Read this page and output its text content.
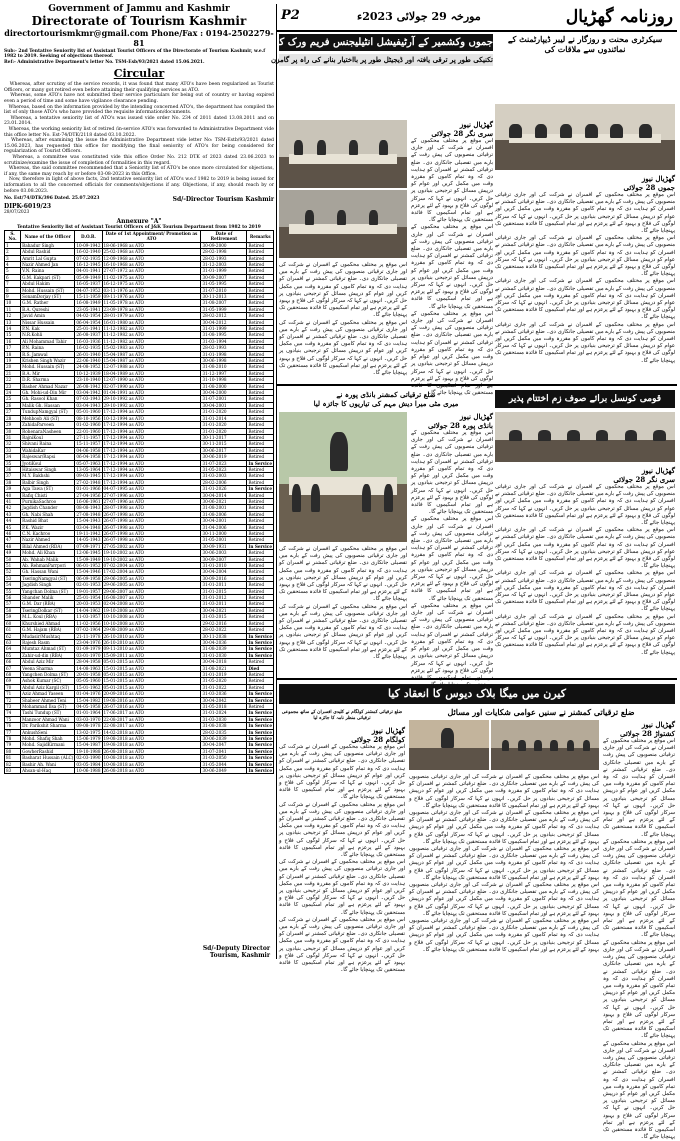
Government of Jammu and Kashmir
Directorate of Tourism Kashmir
directortourismkmr@gmail.com Phone/Fax : 0194-2502279-81
Sub:- 2nd Tentative Seniority list of Assistant Tourist Officers of the Directorate of Tourism Kashmir, w.e.f 1982 to 2019. Seeking of objections thereof.
Ref:- Administrative Department's letter No. TSM-Esb/93/2021 dated 15.06.2021.
Circular
Whereas, after scrutiny of the service records, it was found that many ATO's have been regularized as Tourist Officers, or many got retired even before attaining their qualifying services as ATO.
Whereas, some ATO's have not submitted their service particulars for being out of country or having expired even a period of time and some have vigilance clearance pending.
Whereas, based on the information provided by the intending concerned ATO's, the department has compiled the list of only those ATO's who have provided the requisite information/documents.
Whereas, a tentative seniority list of ATO's was issued vide order No. 234 of 2011 dated 13.08.2011 and on 23.01.2014.
Whereas, the working seniority list of retired /in-service ATO's was forwarded to Administrative Department vide this office letter No. Est-74/DTK/2118 dated 03.10.2022.
Whereas, after examining the issue the Administrative Department vide letter No: TSM-Estb/93/2021 dated 15.06.2023, has requested this office for modifying the final seniority of ATO's for being considered for regularization of Tourist Officers.
Whereas, a committee was constituted vide this office Order No. 212 DTK of 2023 dated 23.06.2023 to scrutinize/examine the issue of completion of formalities in this regard.
Whereas, the said committee recommended that a Seniority list of ATO's be once more circulated for objections, if any, the same may reach by or before 03-08-2023 in this Office.
Now, therefore in light of above facts, 2nd tentative seniority list of ATO's w.e.f 1982 to 2019 is being issued for information to all the concerned officials for comments/objections if any. Objections, if any, should reach by or before 03.08.2023.
No. Est/74/DTK/396 Dated. 25.07.2023	Sd/-Director Tourism Kashmir
DIPK-6019/23
28/07/2023
Annexure "A"
Tentative Seniority list of Assistant Tourist Officers of J&K Tourism Department from 1982 to 2019
S. No.	Name of the Officer	D.O.B.	Date of 1st Appointment/ Promotion as ATO	Date of Retirement	Remarks
1	Bahadur Singh	10-09-1942	18-06-1968 as ATO	30-09-2000	Retired
2	Abdul Rashid	16-02-1940	25-02-1968 as ATO	28-02-1998	Retired
3	Amrit Lal Gupta	07-02-1935	12-09-1968 as ATO	28-02-1993	Retired
4	Nazir Ahmed Jan	16-12-1945	16-10-1968 as ATO	31-12-2003	Retired
5	V.N. Raina	04-01-1941	27-07-1972 as ATO	31-01-1999	Retired
6	G.M. Kakpari (ST)	05-09-1949	11-02-1975 as ATO	30-09-2007	Retired
7	Abdul Hakim	16-05-1937	16-12-1975 as ATO	31-05-1995	Retired
8	Mohd. Hussain (ST)	04-07-1952	03-11-1976 as ATO	31-07-2010	Retired
9	SonamDorjay (ST)	15-11-1959	09-11-1976 as ATO	30-11-2013	Retired
10	G.M. Rather	16-08-1949	11-05-1978 as ATO	31-08-2007	Retired
11	B.A. Qureshi	23-05-1941	23-09-1978 as ATO	31-05-1999	Retired
12	Javid Amin	04-02-1954	28-01-1979 as ATO	28-02-2012	Retired
13	Nissar Hussain	06-04-1954	16-01-1980 as ATO	30-04-2012	Retired
14	P.N. Kak	25-01-1941	11-12-1982 as ATO	31-01-1999	Retired
15	N.R.Kohli	26-08-1937	11-12-1982 as ATO	31-08-1995	Retired
16	Ali Mohammad Tahir	16-03-1936	11-12-1982 as ATO	31-03-1994	Retired
17	P.N. Raina	16-02-1935	15-02-1983 as ATO	28-02-1993	Retired
18	R.S. Jamwal	26-01-1940	15-04-1987 as ATO	31-01-1998	Retired
19	Krishen Singh Wazir	22-06-1940	15-04-1987 as ATO	30-06-1998	Retired
20	Mohd. Hussain (ST)	24-08-1952	12-07-1988 as ATO	31-08-2010	Retired
21	B.A. Mir	10-12-1939	18-04-1989 as ATO	31-12-1997	Retired
22	D.R. Sharma	23-10-1940	12-07-1990 as ATO	31-10-1998	Retired
23	Basher Ahmad Nazar	26-08-1942	02-07-1990 as ATO	31-08-2000	Retired
24	Gh. Mohi-ud-Din Mir	03-04-1942	01-04-1991 as ATO	30-04-2000	Retired
25	Gh. Rasool Khan	07-03-1943	29-10-1992 as ATO	31-07-2001	Retired
26	Malik Gh. Hassan	03-04-1943	29-10-1992 as ATO	30-04-2001	Retired
27	TundupNamgyal (ST)	05-01-1960	17-12-1994 as ATO	31-01-2020	Retired
28	Mehboob Ali (ST)	08-10-1956	10-12-1994 as ATO	31-01-2014	Retired
29	ZahidaParveen	01-02-1960	17-12-1994 as ATO	31-01-2020	Retired
30	RohenaraNasheen	22-01-1960	17-12-1994 as ATO	31-01-2020	Retired
31	RajniKoul	27-11-1957	17-12-1994 as ATO	30-11-2017	Retired
32	Shivani Raina	15-11-1957	17-12-1994 as ATO	30-11-2015	Retired
33	WahidaKar	04-06-1958	17-12-1994 as ATO	30-06-2017	Retired
34	Rajeswar/Rapsi	06-04-1958	17-12-1994 as ATO	30-06-2019	Retired
35	JyotiKoul	05-07-1963	17-12-1994 as ATO	31-07-2023	In Service
36	Hitaiswar Singh	13-05-1964	17-12-1994 as ATO	31-05-2023	Retired
37	M.Y. Bakhshi	09-03-1945	17-12-1994 as ATO	31-03-2003	Retired
38	Balbir Singh	27-02-1948	17-12-1994 as ATO	28-02-2006	Retired
39	Aga Tawa (ST)	01-01-1966	04-07-1995 as ATO	31-01-2026	In Service
40	Rafiq Chisti	27-04-1956	27-07-1996 as ATO	30-04-2014	Retired
41	PurnikaSachroo	16-06-1961	27-07-1996 as ATO	30-06-2021	Retired
42	Jagdish Chander	08-08-1943	28-07-1998 as ATO	31-08-2001	Retired
43	Gh. Nabi Shah	27-08-1948	26-07-1998 as ATO	31-08-2006	Retired
44	Rashid Bhat	15-04-1943	26-07-1998 as ATO	30-04-2001	Retired
45	P.K. Wazir	03-04-1948	26-07-1998 as ATO	31-04-2006	Retired
46	C.N. Kachroo	19-11-1942	26-07-1998 as ATO	30-11-2000	Retired
47	Nazir Ahmed	14-05-1943	26-07-1998 as ATO	31-05-2001	Retired
48	Bilal Ahmed (RDA)	07-09-1971	27-05-2002 as ATO	30-09-1931	In Service
49	Mohd. Ali Khan	12-06-1945	19-10-2002 as ATO	30-06-2003	Retired
50	Ab. Wahab Malik	15-09-1949	19-10-2002 as ATO	30-09-2007	Retired
51	Ab. RehmanParrpori	06-01-1952	07-02-2004 as ATO	31-01-2010	Retired
52	Gh. Hassan Wani	15-04-1946	17-02-2004 as ATO	30-04-2004	Retired
53	TseringNamgyal (ST)	06-09-1958	29-06-2005 as ATO	30-09-2016	Retired
54	Jagdish Singh	02-01-1953	29-06-2005 as ATO	31-01-2011	Retired
55	Yangchan Dolma (ST)	19-01-1957	29-06-2007 as ATO	31-01-2015	Retired
56	Shander Malik	25-01-1954	16-08-2007 as ATO	31-01-2012	Retired
57	G.M. Dar (RBA)	20-03-1953	02-04-2008 as ATO	31-03-2011	Retired
58	TseringDolkar (ST)	14-04-1962	19-10-2008 as ATO	30-04-2021	Retired
59	M.L. Koul (RBA)	11-03-1957	10-10-2008 as ATO	31-03-2015	Retired
60	Khurshied Ahmad	11-02-1956	10-10-2008 as ATO	29-02-2016	Retired
61	G.M. Hajam (RBA)	07-02-1964	29-08-2009 as ATO	28-02-2022	Retired
62	Mudasir/Mushtaq	21-11-1978	26-10-2010 as ATO	30-11-2038	In Service
63	Rajesh Rasm	23-04-1976	26-10-2010 as ATO	30-04-2036	In Service
64	Mumtaz Ahmad (ST)	01-09-1979	09-11-2010 as ATO	31-08-2039	In Service
65	Zahir-ud-din (RBA)	03-01-1970	15-09-2011 as ATO	31-01-2030	In Service
66	Abdul Aziz Mir	28-04-1958	05-01-2015 as ATO	30-04-2018	Retired
67	Veena Sharma	14-08-1963	15-01-2015 as ATO	31-08-2021	Died
68	Yangchen Dolma (ST)	20-01-1958	05-01-2015 as ATO	31-01-2019	Retired
69	Ashok Kumar (SC)	05-05-1960	15-01-2015 as ATO	31-05-2020	Retired
70	Abdul Aziz Kargil (ST)	15-01-1962	05-01-2015 as ATO	31-01-2022	Retired
71	Aziz Ahmad Yaseen	01-04-1976	20-09-2016 as ATO	31-03-2036	In Service
72	Shabeer Ahmed Teni	15-04-1982	19-08-2016 as ATO	30-04-2042	In Service
73	Mohammad Ilsa (ST)	04-05-1958	26-07-2016 as ATO	31-05-2018	Retired
74	Tashi Tundup (ST)	01-01-1964	17-06-2017 as ATO	31-01-2024	In Service
75	Manzoor Ahmad Wani	03-03-1970	22-08-2017 as ATO	31-03-2030	In Service
76	Dr. Parikshit Sharma	09-08-1978	22-08-2017 as ATO	31-08-2038	In Service
77	AnkushSeni	13-02-1975	14-02-2018 as ATO	28-02-2035	In Service
78	Mohd. Shafiq Shah	15-06-1979	19-08-2018 as ATO	30-06-2039	In Service
79	Mohd. SajidKirmani	15-04-1987	19-08-2018 as ATO	30-04-2047	In Service
80	GowherRashid	19-10-1988	26-08-2018 as ATO	31-07-2041	In Service
81	Basharat Hussain (ALC)	02-03-1990	10-08-2018 as ATO	31-03-2050	In Service
82	Bashir Ah. Wani	03-05-1984	10-08-2018 as ATO	31-05-2044	In Service
83	Ahsan-ul-Haq	10-06-1988	26-08-2018 as ATO	30-06-2049	In Service
Sd/-Deputy Director Tourism, Kashmir
P2	مورخہ 29 جولائی 2023ء	روزنامہ گھڑیال
سیکرٹری محنت و روزگار نے لیبر ڈیپارٹمنٹ کے نمائندوں سے ملاقات کی
جموں وکشمیر کے آرٹیفیشل انٹیلیجنس فریم ورک کا آغاز
تکنیکی طور پر ترقی یافتہ اور ڈیجیٹل طور پر بااختیار بنانے کی راہ پر گامزن
گھڑیال نیوز
سری نگر 28 جولائی
اس موقع پر مختلف محکموں کے افسران نے شرکت کی اور جاری ترقیاتی منصوبوں کی پیش رفت کے بارے میں تفصیلی جانکاری دی۔ ضلع ترقیاتی کمشنر نے افسران کو ہدایت دی کہ وہ تمام کاموں کو مقررہ وقت میں مکمل کریں اور عوام کو درپیش مسائل کو ترجیحی بنیادوں پر حل کریں۔ انہوں نے کہا کہ سرکار لوگوں کی فلاح و بہبود کے لئے پرعزم ہے اور تمام اسکیموں کا فائدہ مستحقین تک پہنچایا جائے گا۔
اس موقع پر مختلف محکموں کے افسران نے شرکت کی اور جاری ترقیاتی منصوبوں کی پیش رفت کے بارے میں تفصیلی جانکاری دی۔ ضلع ترقیاتی کمشنر نے افسران کو ہدایت دی کہ وہ تمام کاموں کو مقررہ وقت میں مکمل کریں اور عوام کو درپیش مسائل کو ترجیحی بنیادوں پر حل کریں۔ انہوں نے کہا کہ سرکار لوگوں کی فلاح و بہبود کے لئے پرعزم ہے اور تمام اسکیموں کا فائدہ مستحقین تک پہنچایا جائے گا۔
اس موقع پر مختلف محکموں کے افسران نے شرکت کی اور جاری ترقیاتی منصوبوں کی پیش رفت کے بارے میں تفصیلی جانکاری دی۔ ضلع ترقیاتی کمشنر نے افسران کو ہدایت دی کہ وہ تمام کاموں کو مقررہ وقت میں مکمل کریں اور عوام کو درپیش مسائل کو ترجیحی بنیادوں پر حل کریں۔ انہوں نے کہا کہ سرکار لوگوں کی فلاح و بہبود کے لئے پرعزم مستحقین تک پہنچایا جائے گا۔
اس موقع پر مختلف محکموں کے افسران نے شرکت کی اور جاری ترقیاتی منصوبوں کی پیش رفت کے بارے میں تفصیلی جانکاری دی۔ ضلع ترقیاتی کمشنر نے افسران کو ہدایت دی کہ وہ تمام کاموں کو مقررہ وقت میں مکمل کریں اور عوام کو درپیش مسائل کو ترجیحی بنیادوں پر حل کریں۔ انہوں نے کہا کہ سرکار لوگوں کی فلاح و بہبود کے لئے پرعزم ہے اور تمام اسکیموں کا فائدہ مستحقین تک پہنچایا جائے گا۔
اس موقع پر مختلف محکموں کے افسران نے شرکت کی اور جاری ترقیاتی منصوبوں کی پیش رفت کے بارے میں تفصیلی جانکاری دی۔ ضلع ترقیاتی کمشنر نے افسران کو ہدایت دی کہ وہ تمام کاموں کو مقررہ وقت میں مکمل کریں اور عوام کو درپیش مسائل کو ترجیحی بنیادوں پر حل کریں۔ انہوں نے کہا کہ سرکار لوگوں کی فلاح و بہبود کے لئے پرعزم ہے اور تمام اسکیموں کا فائدہ مستحقین تک پہنچایا جائے گا۔
گھڑیال نیوز
جموں 28 جولائی
اس موقع پر مختلف محکموں کے افسران نے شرکت کی اور جاری ترقیاتی منصوبوں کی پیش رفت کے بارے میں تفصیلی جانکاری دی۔ ضلع ترقیاتی کمشنر نے افسران کو ہدایت دی کہ وہ تمام کاموں کو مقررہ وقت میں مکمل کریں اور عوام کو درپیش مسائل کو ترجیحی بنیادوں پر حل کریں۔ انہوں نے کہا کہ سرکار لوگوں کی فلاح و بہبود کے لئے پرعزم ہے اور تمام اسکیموں کا فائدہ مستحقین تک پہنچایا جائے گا۔
اس موقع پر مختلف محکموں کے افسران نے شرکت کی اور جاری ترقیاتی منصوبوں کی پیش رفت کے بارے میں تفصیلی جانکاری دی۔ ضلع ترقیاتی کمشنر نے افسران کو ہدایت دی کہ وہ تمام کاموں کو مقررہ وقت میں مکمل کریں اور عوام کو درپیش مسائل کو ترجیحی بنیادوں پر حل کریں۔ انہوں نے کہا کہ سرکار لوگوں کی فلاح و بہبود کے لئے پرعزم ہے اور تمام اسکیموں کا فائدہ مستحقین تک پہنچایا جائے گا۔
اس موقع پر مختلف محکموں کے افسران نے شرکت کی اور جاری ترقیاتی منصوبوں کی پیش رفت کے بارے میں تفصیلی جانکاری دی۔ ضلع ترقیاتی کمشنر نے افسران کو ہدایت دی کہ وہ تمام کاموں کو مقررہ وقت میں مکمل کریں اور عوام کو درپیش مسائل کو ترجیحی بنیادوں پر حل کریں۔ انہوں نے کہا کہ سرکار لوگوں کی فلاح و بہبود کے لئے پرعزم ہے اور تمام اسکیموں کا فائدہ مستحقین تک پہنچایا جائے گا۔
اس موقع پر مختلف محکموں کے افسران نے شرکت کی اور جاری ترقیاتی منصوبوں کی پیش رفت کے بارے میں تفصیلی جانکاری دی۔ ضلع ترقیاتی کمشنر نے افسران کو ہدایت دی کہ وہ تمام کاموں کو مقررہ وقت میں مکمل کریں اور عوام کو درپیش مسائل کو ترجیحی بنیادوں پر حل کریں۔ انہوں نے کہا کہ سرکار لوگوں کی فلاح و بہبود کے لئے پرعزم ہے اور تمام اسکیموں کا فائدہ مستحقین تک پہنچایا جائے گا۔
ضلع ترقیاتی کمشنر بانڈی پورہ نے
میری مٹی میرا دیش مہم کی تیاریوں کا جائزہ لیا
گھڑیال نیوز
بانڈی پورہ 28 جولائی
اس موقع پر مختلف محکموں کے افسران نے شرکت کی اور جاری ترقیاتی منصوبوں کی پیش رفت کے بارے میں تفصیلی جانکاری دی۔ ضلع ترقیاتی کمشنر نے افسران کو ہدایت دی کہ وہ تمام کاموں کو مقررہ وقت میں مکمل کریں اور عوام کو درپیش مسائل کو ترجیحی بنیادوں پر حل کریں۔ انہوں نے کہا کہ سرکار لوگوں کی فلاح و بہبود کے لئے پرعزم ہے اور تمام اسکیموں کا فائدہ مستحقین تک پہنچایا جائے گا۔
اس موقع پر مختلف محکموں کے افسران نے شرکت کی اور جاری ترقیاتی منصوبوں کی پیش رفت کے بارے میں تفصیلی جانکاری دی۔ ضلع ترقیاتی کمشنر نے افسران کو ہدایت دی کہ وہ تمام کاموں کو مقررہ وقت میں مکمل کریں اور عوام کو درپیش مسائل کو ترجیحی بنیادوں پر حل کریں۔ انہوں نے کہا کہ سرکار لوگوں کی فلاح و بہبود کے لئے پرعزم ہے اور تمام اسکیموں کا فائدہ مستحقین تک پہنچایا جائے گا۔
اس موقع پر مختلف محکموں کے افسران نے شرکت کی اور جاری ترقیاتی منصوبوں کی پیش رفت کے بارے میں تفصیلی جانکاری دی۔ ضلع ترقیاتی کمشنر نے افسران کو ہدایت دی کہ وہ تمام کاموں کو مقررہ وقت میں مکمل کریں اور عوام کو درپیش مسائل کو ترجیحی بنیادوں پر حل کریں۔ انہوں نے کہا کہ سرکار لوگوں کی فلاح و بہبود کے لئے پرعزم
اس موقع پر مختلف محکموں کے افسران نے شرکت کی اور جاری ترقیاتی منصوبوں کی پیش رفت کے بارے میں تفصیلی جانکاری دی۔ ضلع ترقیاتی کمشنر نے افسران کو ہدایت دی کہ وہ تمام کاموں کو مقررہ وقت میں مکمل کریں اور عوام کو درپیش مسائل کو ترجیحی بنیادوں پر حل کریں۔ انہوں نے کہا کہ سرکار لوگوں کی فلاح و بہبود کے لئے پرعزم ہے اور تمام اسکیموں کا فائدہ مستحقین تک پہنچایا جائے گا۔
اس موقع پر مختلف محکموں کے افسران نے شرکت کی اور جاری ترقیاتی منصوبوں کی پیش رفت کے بارے میں تفصیلی جانکاری دی۔ ضلع ترقیاتی کمشنر نے افسران کو ہدایت دی کہ وہ تمام کاموں کو مقررہ وقت میں مکمل کریں اور عوام کو درپیش مسائل کو ترجیحی بنیادوں پر حل کریں۔ انہوں نے کہا کہ سرکار لوگوں کی فلاح و بہبود کے لئے پرعزم ہے اور تمام اسکیموں کا فائدہ مستحقین تک پہنچایا جائے گا۔
قومی کونسل برائے صوف زم اختتام پذیر
گھڑیال نیوز
سری نگر 28 جولائی
اس موقع پر مختلف محکموں کے افسران نے شرکت کی اور جاری ترقیاتی منصوبوں کی پیش رفت کے بارے میں تفصیلی جانکاری دی۔ ضلع ترقیاتی کمشنر نے افسران کو ہدایت دی کہ وہ تمام کاموں کو مقررہ وقت میں مکمل کریں اور عوام کو درپیش مسائل کو ترجیحی بنیادوں پر حل کریں۔ انہوں نے کہا کہ سرکار لوگوں کی فلاح و بہبود کے لئے پرعزم ہے اور تمام اسکیموں کا فائدہ مستحقین تک پہنچایا جائے گا۔
اس موقع پر مختلف محکموں کے افسران نے شرکت کی اور جاری ترقیاتی منصوبوں کی پیش رفت کے بارے میں تفصیلی جانکاری دی۔ ضلع ترقیاتی کمشنر نے افسران کو ہدایت دی کہ وہ تمام کاموں کو مقررہ وقت میں مکمل کریں اور عوام کو درپیش مسائل کو ترجیحی بنیادوں پر حل کریں۔ انہوں نے کہا کہ سرکار لوگوں کی فلاح و بہبود کے لئے پرعزم ہے اور تمام اسکیموں کا فائدہ مستحقین تک پہنچایا جائے گا۔
اس موقع پر مختلف محکموں کے افسران نے شرکت کی اور جاری ترقیاتی منصوبوں کی پیش رفت کے بارے میں تفصیلی جانکاری دی۔ ضلع ترقیاتی کمشنر نے افسران کو ہدایت دی کہ وہ تمام کاموں کو مقررہ وقت میں مکمل کریں اور عوام کو درپیش مسائل کو ترجیحی بنیادوں پر حل کریں۔ انہوں نے کہا کہ سرکار لوگوں کی فلاح و بہبود کے لئے پرعزم ہے اور تمام اسکیموں کا فائدہ مستحقین تک پہنچایا جائے گا۔
اس موقع پر مختلف محکموں کے افسران نے شرکت کی اور جاری ترقیاتی منصوبوں کی پیش رفت کے بارے میں تفصیلی جانکاری دی۔ ضلع ترقیاتی کمشنر نے افسران کو ہدایت دی کہ وہ تمام کاموں کو مقررہ وقت میں مکمل کریں اور عوام کو درپیش مسائل کو ترجیحی بنیادوں پر حل کریں۔ انہوں نے کہا کہ سرکار لوگوں کی فلاح و بہبود کے لئے پرعزم ہے اور تمام اسکیموں کا فائدہ مستحقین تک پہنچایا جائے گا۔
کیرن میں میگا بلاک دیوس کا انعقاد کیا
ضلع ترقیاتی کمشنر نے سنیں عوامی شکایات اور مسائل
ضلع ترقیاتی کمشنر کولگام نے کلیدی افسران کے ساتھ مجموعی ترقیاتی منظر نامہ کا جائزہ لیا
گھڑیال نیوز
کولگام 28 جولائی
اس موقع پر مختلف محکموں کے افسران نے شرکت کی اور جاری ترقیاتی منصوبوں کی پیش رفت کے بارے میں تفصیلی جانکاری دی۔ ضلع ترقیاتی کمشنر نے افسران کو ہدایت دی کہ وہ تمام کاموں کو مقررہ وقت میں مکمل کریں اور عوام کو درپیش مسائل کو ترجیحی بنیادوں پر حل کریں۔ انہوں نے کہا کہ سرکار لوگوں کی فلاح و بہبود کے لئے پرعزم ہے اور تمام اسکیموں کا فائدہ مستحقین تک پہنچایا جائے گا۔
اس موقع پر مختلف محکموں کے افسران نے شرکت کی اور جاری ترقیاتی منصوبوں کی پیش رفت کے بارے میں تفصیلی جانکاری دی۔ ضلع ترقیاتی کمشنر نے افسران کو ہدایت دی کہ وہ تمام کاموں کو مقررہ وقت میں مکمل کریں اور عوام کو درپیش مسائل کو ترجیحی بنیادوں پر حل کریں۔ انہوں نے کہا کہ سرکار لوگوں کی فلاح و بہبود کے لئے پرعزم ہے اور تمام اسکیموں کا فائدہ مستحقین تک پہنچایا جائے گا۔
اس موقع پر مختلف محکموں کے افسران نے شرکت کی اور جاری ترقیاتی منصوبوں کی پیش رفت کے بارے میں تفصیلی جانکاری دی۔ ضلع ترقیاتی کمشنر نے افسران کو ہدایت دی کہ وہ تمام کاموں کو مقررہ وقت میں مکمل کریں اور عوام کو درپیش مسائل کو ترجیحی بنیادوں پر حل کریں۔ انہوں نے کہا کہ سرکار لوگوں کی فلاح و بہبود کے لئے پرعزم ہے اور تمام اسکیموں کا فائدہ مستحقین تک پہنچایا جائے گا۔
اس موقع پر مختلف محکموں کے افسران نے شرکت کی اور جاری ترقیاتی منصوبوں کی پیش رفت کے بارے میں تفصیلی جانکاری دی۔ ضلع ترقیاتی کمشنر نے افسران کو ہدایت دی کہ وہ تمام کاموں کو مقررہ وقت میں مکمل کریں اور عوام کو درپیش مسائل کو ترجیحی بنیادوں پر حل کریں۔ انہوں نے کہا کہ سرکار لوگوں کی فلاح و بہبود کے لئے پرعزم ہے اور تمام اسکیموں کا فائدہ مستحقین تک پہنچایا جائے گا۔
اس موقع پر مختلف محکموں کے افسران نے شرکت کی اور جاری ترقیاتی منصوبوں کی پیش رفت کے بارے میں تفصیلی جانکاری دی۔ ضلع ترقیاتی کمشنر نے افسران کو ہدایت دی کہ وہ تمام کاموں کو مقررہ وقت میں مکمل کریں اور عوام کو درپیش مسائل کو ترجیحی بنیادوں پر حل کریں۔ انہوں نے کہا کہ سرکار لوگوں کی فلاح و بہبود کے لئے پرعزم ہے اور تمام اسکیموں کا فائدہ مستحقین تک پہنچایا جائے گا۔
اس موقع پر مختلف محکموں کے افسران نے شرکت کی اور جاری ترقیاتی منصوبوں کی پیش رفت کے بارے میں تفصیلی جانکاری دی۔ ضلع ترقیاتی کمشنر نے افسران کو ہدایت دی کہ وہ تمام کاموں کو مقررہ وقت میں مکمل کریں اور عوام کو درپیش مسائل کو ترجیحی بنیادوں پر حل کریں۔ انہوں نے کہا کہ سرکار لوگوں کی فلاح و بہبود کے لئے پرعزم ہے اور تمام اسکیموں کا فائدہ مستحقین تک پہنچایا جائے گا۔
اس موقع پر مختلف محکموں کے افسران نے شرکت کی اور جاری ترقیاتی منصوبوں کی پیش رفت کے بارے میں تفصیلی جانکاری دی۔ ضلع ترقیاتی کمشنر نے افسران کو ہدایت دی کہ وہ تمام کاموں کو مقررہ وقت میں مکمل کریں اور عوام کو درپیش مسائل کو ترجیحی بنیادوں پر حل کریں۔ انہوں نے کہا کہ سرکار لوگوں کی فلاح و بہبود کے لئے پرعزم ہے اور تمام اسکیموں کا فائدہ مستحقین تک پہنچایا جائے گا۔
اس موقع پر مختلف محکموں کے افسران نے شرکت کی اور جاری ترقیاتی منصوبوں کی پیش رفت کے بارے میں تفصیلی جانکاری دی۔ ضلع ترقیاتی کمشنر نے افسران کو ہدایت دی کہ وہ تمام کاموں کو مقررہ وقت میں مکمل کریں اور عوام کو درپیش مسائل کو ترجیحی بنیادوں پر حل کریں۔ انہوں نے کہا کہ سرکار لوگوں کی فلاح و بہبود کے لئے پرعزم ہے اور تمام اسکیموں کا فائدہ مستحقین تک پہنچایا جائے گا۔
اس موقع پر مختلف محکموں کے افسران نے شرکت کی اور جاری ترقیاتی منصوبوں کی پیش رفت کے بارے میں تفصیلی جانکاری دی۔ ضلع ترقیاتی کمشنر نے افسران کو ہدایت دی کہ وہ تمام کاموں کو مقررہ وقت میں مکمل کریں اور عوام کو درپیش مسائل کو ترجیحی بنیادوں پر حل کریں۔ انہوں نے کہا کہ سرکار لوگوں کی فلاح و بہبود کے لئے پرعزم ہے اور تمام اسکیموں کا فائدہ مستحقین تک پہنچایا جائے گا۔
گھڑیال نیوز
کشتواڑ 28 جولائی
اس موقع پر مختلف محکموں کے افسران نے شرکت کی اور جاری ترقیاتی منصوبوں کی پیش رفت کے بارے میں تفصیلی جانکاری دی۔ ضلع ترقیاتی کمشنر نے افسران کو ہدایت دی کہ وہ تمام کاموں کو مقررہ وقت میں مکمل کریں اور عوام کو درپیش مسائل کو ترجیحی بنیادوں پر حل کریں۔ انہوں نے کہا کہ سرکار لوگوں کی فلاح و بہبود کے لئے پرعزم ہے اور تمام اسکیموں کا فائدہ مستحقین تک پہنچایا جائے گا۔
اس موقع پر مختلف محکموں کے افسران نے شرکت کی اور جاری ترقیاتی منصوبوں کی پیش رفت کے بارے میں تفصیلی جانکاری دی۔ ضلع ترقیاتی کمشنر نے افسران کو ہدایت دی کہ وہ تمام کاموں کو مقررہ وقت میں مکمل کریں اور عوام کو درپیش مسائل کو ترجیحی بنیادوں پر حل کریں۔ انہوں نے کہا کہ سرکار لوگوں کی فلاح و بہبود کے لئے پرعزم ہے اور تمام اسکیموں کا فائدہ مستحقین تک پہنچایا جائے گا۔
اس موقع پر مختلف محکموں کے افسران نے شرکت کی اور جاری ترقیاتی منصوبوں کی پیش رفت کے بارے میں تفصیلی جانکاری دی۔ ضلع ترقیاتی کمشنر نے افسران کو ہدایت دی کہ وہ تمام کاموں کو مقررہ وقت میں مکمل کریں اور عوام کو درپیش مسائل کو ترجیحی بنیادوں پر حل کریں۔ انہوں نے کہا کہ سرکار لوگوں کی فلاح و بہبود کے لئے پرعزم ہے اور تمام اسکیموں کا فائدہ مستحقین تک پہنچایا جائے گا۔
اس موقع پر مختلف محکموں کے افسران نے شرکت کی اور جاری ترقیاتی منصوبوں کی پیش رفت کے بارے میں تفصیلی جانکاری دی۔ ضلع ترقیاتی کمشنر نے افسران کو ہدایت دی کہ وہ تمام کاموں کو مقررہ وقت میں مکمل کریں اور عوام کو درپیش مسائل کو ترجیحی بنیادوں پر حل کریں۔ انہوں نے کہا کہ سرکار لوگوں کی فلاح و بہبود کے لئے پرعزم ہے اور تمام اسکیموں کا فائدہ مستحقین تک پہنچایا جائے گا۔
